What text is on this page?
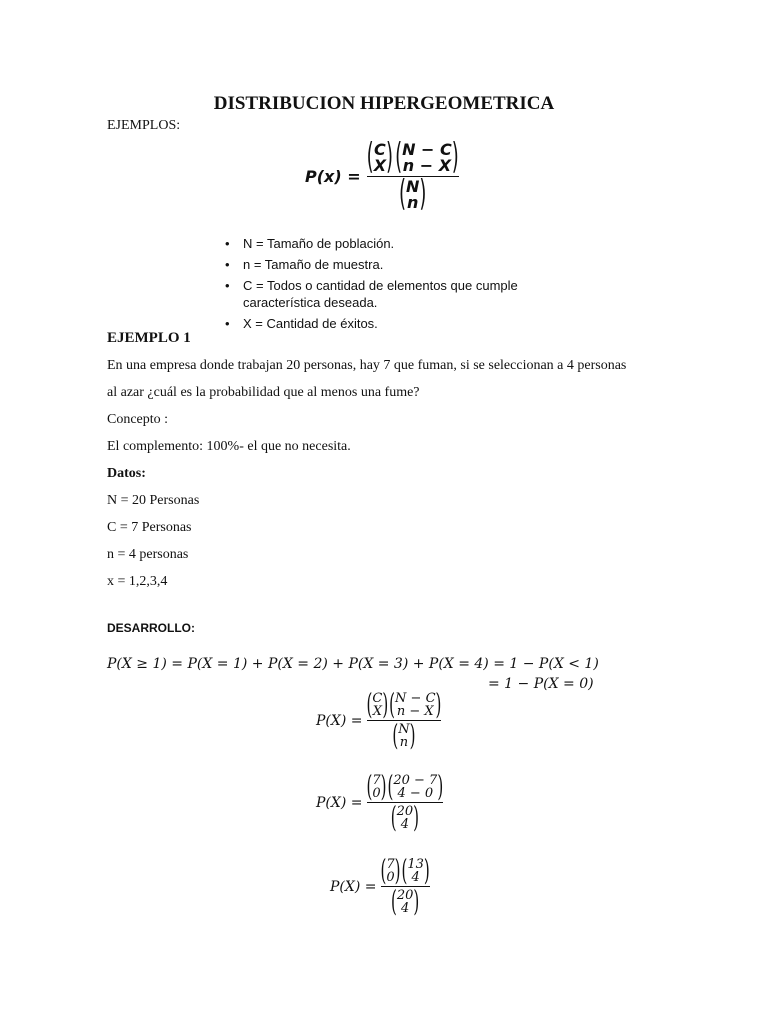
DISTRIBUCION HIPERGEOMETRICA
EJEMPLOS:
P(x) = ( C
X ) ( N − C
n − X )
( N
n )
• N = Tamaño de población.
• n = Tamaño de muestra.
• C = Todos o cantidad de elementos que cumple característica deseada.
• X = Cantidad de éxitos.
EJEMPLO 1
En una empresa donde trabajan 20 personas, hay 7 que fuman, si se seleccionan a 4 personas
al azar ¿cuál es la probabilidad que al menos una fume?
Concepto :
El complemento: 100%- el que no necesita.
Datos:
N = 20 Personas
C = 7 Personas
n = 4 personas
x = 1,2,3,4
DESARROLLO:
P(X ≥ 1) = P(X = 1) + P(X = 2) + P(X = 3) + P(X = 4) = 1 − P(X < 1)
= 1 − P(X = 0)
P(X) = ( C
X ) ( N − C
n − X )
( N
n )
P(X) = ( 7
0 ) ( 20 − 7
4 − 0 )
( 20
4 )
P(X) = ( 7
0 ) ( 13
4 )
( 20
4 )
